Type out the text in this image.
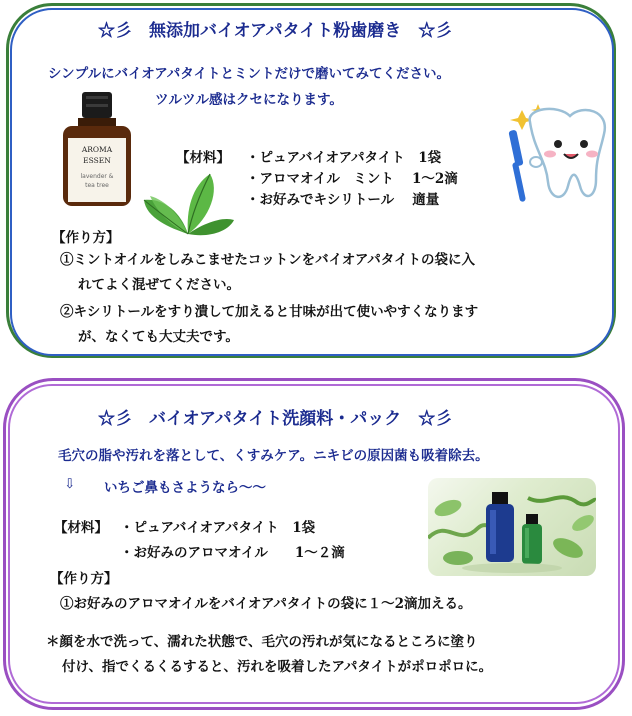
☆彡　無添加バイオアパタイト粉歯磨き　☆彡
シンプルにバイオアパタイトとミントだけで磨いてみてください。
ツルツル感はクセになります。
AROMA
ESSEN
lavender &
tea tree
【材料】 ・ピュアバイオアパタイト　1袋
・アロマオイル　ミント　 1～2滴
・お好みでキシリトール　 適量
【作り方】
①ミントオイルをしみこませたコットンをバイオアパタイトの袋に入
れてよく混ぜてください。
②キシリトールをすり潰して加えると甘味が出て使いやすくなります
が、なくても大丈夫です。
☆彡　バイオアパタイト洗顔料・パック　☆彡
毛穴の脂や汚れを落として、くすみケア。ニキビの原因菌も吸着除去。
⇩ いちご鼻もさようなら～～
【材料】 ・ピュアバイオアパタイト　1袋
・お好みのアロマオイル　　1～２滴
【作り方】
①お好みのアロマオイルをバイオアパタイトの袋に１～2滴加える。
＊顔を水で洗って、濡れた状態で、毛穴の汚れが気になるところに塗り
付け、指でくるくるすると、汚れを吸着したアパタイトがポロポロに。
